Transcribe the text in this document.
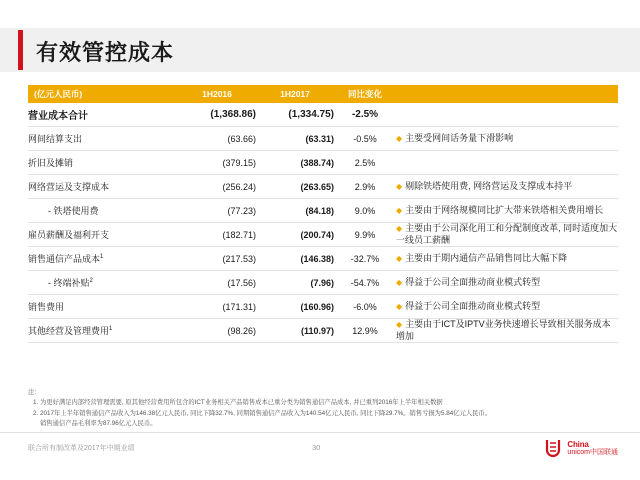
有效管控成本
(亿元人民币)	1H2016	1H2017	同比变化	
营业成本合计	(1,368.86)	(1,334.75)	-2.5%	
网间结算支出	(63.66)	(63.31)	-0.5%	◆ 主要受网间话务量下滑影响
折旧及摊销	(379.15)	(388.74)	2.5%	
网络营运及支撑成本	(256.24)	(263.65)	2.9%	◆ 剔除铁塔使用费, 网络营运及支撑成本持平
- 铁塔使用费	(77.23)	(84.18)	9.0%	◆ 主要由于网络规模同比扩大带来铁塔相关费用增长
雇员薪酬及福利开支	(182.71)	(200.74)	9.9%	◆ 主要由于公司深化用工和分配制度改革, 同时适度加大一线员工薪酬
销售通信产品成本$^1$	(217.53)	(146.38)	-32.7%	◆ 主要由于期内通信产品销售同比大幅下降
- 终端补贴$^2$	(17.56)	(7.96)	-54.7%	◆ 得益于公司全面推动商业模式转型
销售费用	(171.31)	(160.96)	-6.0%	◆ 得益于公司全面推动商业模式转型
其他经营及管理费用$^1$	(98.26)	(110.97)	12.9%	◆ 主要由于ICT及IPTV业务快速增长导致相关服务成本增加
注：
1. 为更好满足内部经营管理需要, 原其他经营费用所包含的ICT业务相关产品销售成本已重分类为销售通信产品成本, 并已重列2016年上半年相关数据
2. 2017年上半年销售通信产品收入为146.38亿元人民币, 同比下降32.7%, 同期销售通信产品收入为140.54亿元人民币, 同比下降29.7%。销售亏损为5.84亿元人民币。
销售通信产品毛利率为87.96亿元人民币。
联合所有制改革及2017年中期业绩	30	China
unicom中国联通
